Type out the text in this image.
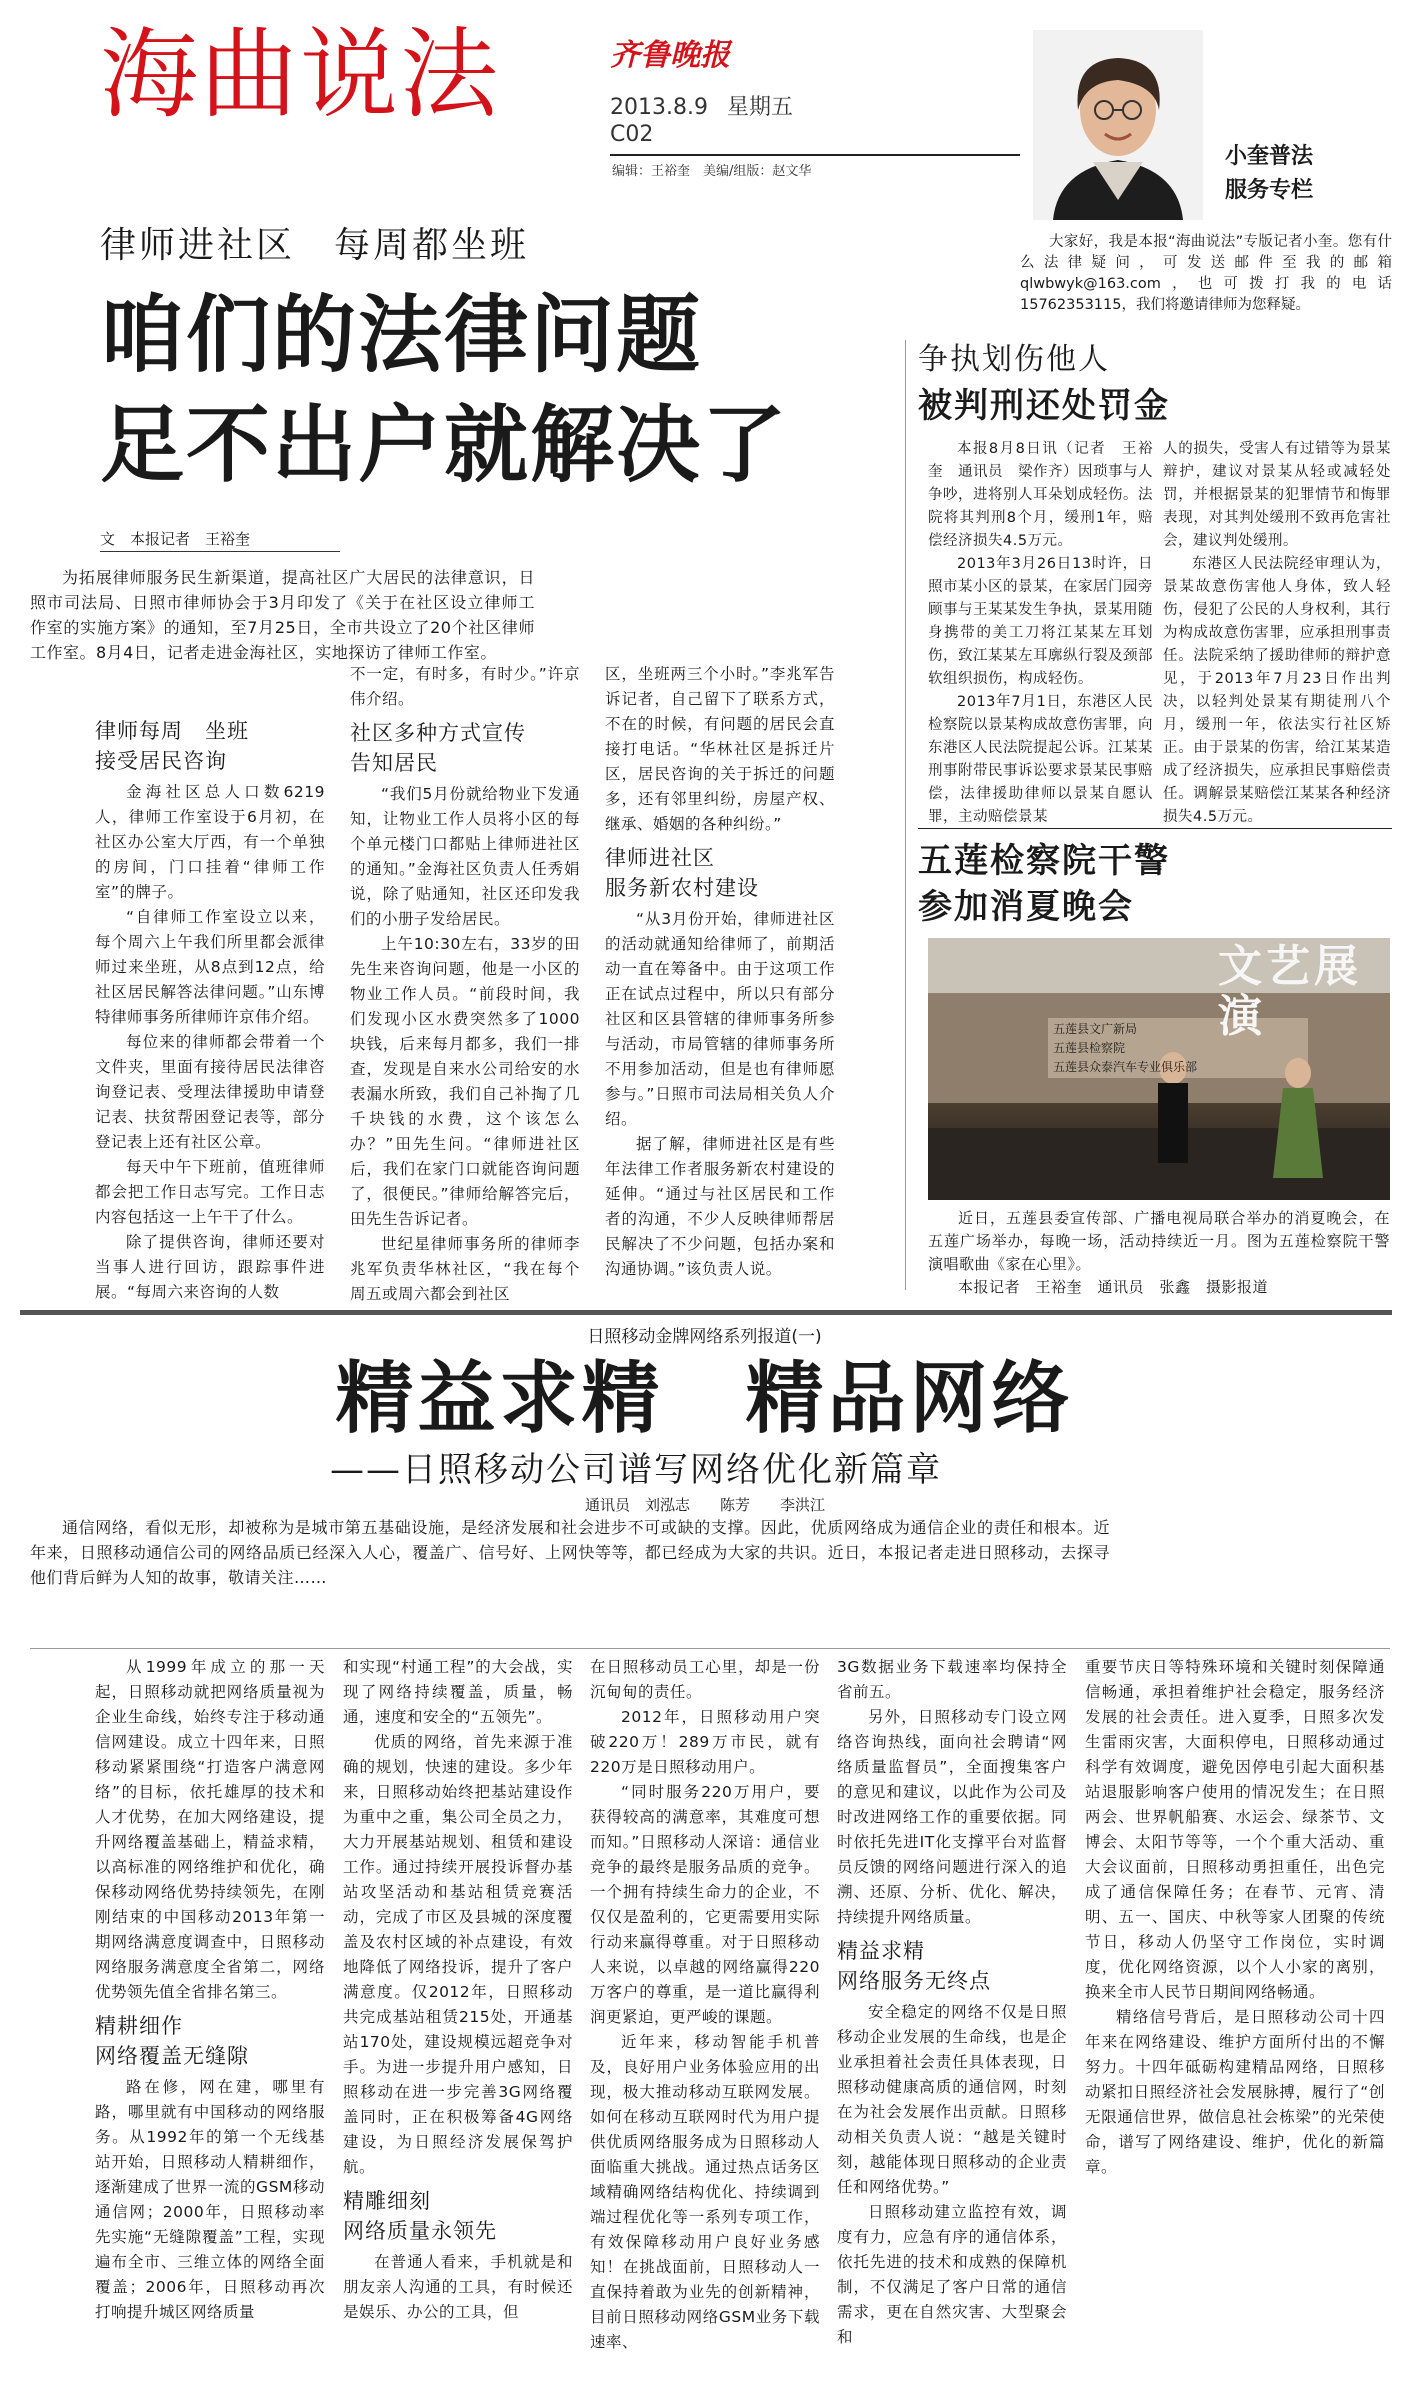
海曲说法	齐鲁晚报
2013.8.9 星期五
C02
编辑：王裕奎　美编/组版：赵文华
小奎普法
服务专栏
大家好，我是本报“海曲说法”专版记者小奎。您有什么法律疑问，可发送邮件至我的邮箱 qlwbwyk@163.com，也可拨打我的电话 15762353115，我们将邀请律师为您释疑。
律师进社区　每周都坐班
咱们的法律问题
足不出户就解决了
文　本报记者　王裕奎

为拓展律师服务民生新渠道，提高社区广大居民的法律意识，日照市司法局、日照市律师协会于3月印发了《关于在社区设立律师工作室的实施方案》的通知，至7月25日，全市共设立了20个社区律师工作室。8月4日，记者走进金海社区，实地探访了律师工作室。

律师每周　坐班
接受居民咨询

金海社区总人口数6219人，律师工作室设于6月初，在社区办公室大厅西，有一个单独的房间，门口挂着“律师工作室”的牌子。

“自律师工作室设立以来，每个周六上午我们所里都会派律师过来坐班，从8点到12点，给社区居民解答法律问题。”山东博特律师事务所律师许京伟介绍。

每位来的律师都会带着一个文件夹，里面有接待居民法律咨询登记表、受理法律援助申请登记表、扶贫帮困登记表等，部分登记表上还有社区公章。

每天中午下班前，值班律师都会把工作日志写完。工作日志内容包括这一上午干了什么。

除了提供咨询，律师还要对当事人进行回访，跟踪事件进展。“每周六来咨询的人数

不一定，有时多，有时少。”许京伟介绍。

社区多种方式宣传
告知居民

“我们5月份就给物业下发通知，让物业工作人员将小区的每个单元楼门口都贴上律师进社区的通知。”金海社区负责人任秀娟说，除了贴通知，社区还印发我们的小册子发给居民。

上午10:30左右，33岁的田先生来咨询问题，他是一小区的物业工作人员。“前段时间，我们发现小区水费突然多了1000块钱，后来每月都多，我们一排查，发现是自来水公司给安的水表漏水所致，我们自己补掏了几千块钱的水费，这个该怎么办？”田先生问。“律师进社区后，我们在家门口就能咨询问题了，很便民。”律师给解答完后，田先生告诉记者。

世纪星律师事务所的律师李兆军负责华林社区，“我在每个周五或周六都会到社区

区，坐班两三个小时。”李兆军告诉记者，自己留下了联系方式，不在的时候，有问题的居民会直接打电话。“华林社区是拆迁片区，居民咨询的关于拆迁的问题多，还有邻里纠纷，房屋产权、继承、婚姻的各种纠纷。”

律师进社区
服务新农村建设

“从3月份开始，律师进社区的活动就通知给律师了，前期活动一直在筹备中。由于这项工作正在试点过程中，所以只有部分社区和区县管辖的律师事务所参与活动，市局管辖的律师事务所不用参加活动，但是也有律师愿参与。”日照市司法局相关负人介绍。

据了解，律师进社区是有些年法律工作者服务新农村建设的延伸。“通过与社区居民和工作者的沟通，不少人反映律师帮居民解决了不少问题，包括办案和沟通协调。”该负责人说。

争执划伤他人
被判刑还处罚金

本报8月8日讯（记者　王裕奎　通讯员　梁作齐）因琐事与人争吵，进将别人耳朵划成轻伤。法院将其判刑8个月，缓刑1年，赔偿经济损失4.5万元。

2013年3月26日13时许，日照市某小区的景某，在家居门园旁顾事与王某某发生争执，景某用随身携带的美工刀将江某某左耳划伤，致江某某左耳廓纵行裂及颈部软组织损伤，构成轻伤。

2013年7月1日，东港区人民检察院以景某构成故意伤害罪，向东港区人民法院提起公诉。江某某刑事附带民事诉讼要求景某民事赔偿，法律援助律师以景某自愿认罪，主动赔偿景某

人的损失，受害人有过错等为景某辩护，建议对景某从轻或减轻处罚，并根据景某的犯罪情节和悔罪表现，对其判处缓刑不致再危害社会，建议判处缓刑。

东港区人民法院经审理认为，景某故意伤害他人身体，致人轻伤，侵犯了公民的人身权利，其行为构成故意伤害罪，应承担刑事责任。法院采纳了援助律师的辩护意见，于2013年7月23日作出判决，以轻判处景某有期徒刑八个月，缓刑一年，依法实行社区矫正。由于景某的伤害，给江某某造成了经济损失，应承担民事赔偿责任。调解景某赔偿江某某各种经济损失4.5万元。

五莲检察院干警
参加消夏晚会
文艺展演
五莲县文广新局
五莲县检察院
五莲县众泰汽车专业俱乐部

近日，五莲县委宣传部、广播电视局联合举办的消夏晚会，在五莲广场举办，每晚一场，活动持续近一月。图为五莲检察院干警演唱歌曲《家在心里》。

本报记者　王裕奎　通讯员　张鑫　摄影报道

日照移动金牌网络系列报道(一)
精益求精　精品网络
——日照移动公司谱写网络优化新篇章
通讯员　刘泓志　　陈芳　　李洪江

通信网络，看似无形，却被称为是城市第五基础设施，是经济发展和社会进步不可或缺的支撑。因此，优质网络成为通信企业的责任和根本。近年来，日照移动通信公司的网络品质已经深入人心，覆盖广、信号好、上网快等等，都已经成为大家的共识。近日，本报记者走进日照移动，去探寻他们背后鲜为人知的故事，敬请关注……

从1999年成立的那一天起，日照移动就把网络质量视为企业生命线，始终专注于移动通信网建设。成立十四年来，日照移动紧紧围绕“打造客户满意网络”的目标，依托雄厚的技术和人才优势，在加大网络建设，提升网络覆盖基础上，精益求精，以高标准的网络维护和优化，确保移动网络优势持续领先，在刚刚结束的中国移动2013年第一期网络满意度调查中，日照移动网络服务满意度全省第二，网络优势领先值全省排名第三。

精耕细作
网络覆盖无缝隙

路在修，网在建，哪里有路，哪里就有中国移动的网络服务。从1992年的第一个无线基站开始，日照移动人精耕细作，逐渐建成了世界一流的GSM移动通信网；2000年，日照移动率先实施“无缝隙覆盖”工程，实现遍布全市、三维立体的网络全面覆盖；2006年，日照移动再次打响提升城区网络质量

和实现“村通工程”的大会战，实现了网络持续覆盖，质量，畅通，速度和安全的“五领先”。

优质的网络，首先来源于准确的规划，快速的建设。多少年来，日照移动始终把基站建设作为重中之重，集公司全员之力，大力开展基站规划、租赁和建设工作。通过持续开展投诉督办基站攻坚活动和基站租赁竞赛活动，完成了市区及县城的深度覆盖及农村区域的补点建设，有效地降低了网络投诉，提升了客户满意度。仅2012年，日照移动共完成基站租赁215处，开通基站170处，建设规模远超竞争对手。为进一步提升用户感知，日照移动在进一步完善3G网络覆盖同时，正在积极筹备4G网络建设，为日照经济发展保驾护航。

精雕细刻
网络质量永领先

在普通人看来，手机就是和朋友亲人沟通的工具，有时候还是娱乐、办公的工具，但

在日照移动员工心里，却是一份沉甸甸的责任。

2012年，日照移动用户突破220万！289万市民，就有220万是日照移动用户。

“同时服务220万用户，要获得较高的满意率，其难度可想而知。”日照移动人深谙：通信业竞争的最终是服务品质的竞争。一个拥有持续生命力的企业，不仅仅是盈利的，它更需要用实际行动来赢得尊重。对于日照移动人来说，以卓越的网络赢得220万客户的尊重，是一道比赢得利润更紧迫，更严峻的课题。

近年来，移动智能手机普及，良好用户业务体验应用的出现，极大推动移动互联网发展。如何在移动互联网时代为用户提供优质网络服务成为日照移动人面临重大挑战。通过热点话务区域精确网络结构优化、持续调到端过程优化等一系列专项工作，有效保障移动用户良好业务感知！在挑战面前，日照移动人一直保持着敢为业先的创新精神，目前日照移动网络GSM业务下载速率、

3G数据业务下载速率均保持全省前五。

另外，日照移动专门设立网络咨询热线，面向社会聘请“网络质量监督员”，全面搜集客户的意见和建议，以此作为公司及时改进网络工作的重要依据。同时依托先进IT化支撑平台对监督员反馈的网络问题进行深入的追溯、还原、分析、优化、解决，持续提升网络质量。

精益求精
网络服务无终点

安全稳定的网络不仅是日照移动企业发展的生命线，也是企业承担着社会责任具体表现，日照移动健康高质的通信网，时刻在为社会发展作出贡献。日照移动相关负责人说：“越是关键时刻，越能体现日照移动的企业责任和网络优势。”

日照移动建立监控有效，调度有力，应急有序的通信体系，依托先进的技术和成熟的保障机制，不仅满足了客户日常的通信需求，更在自然灾害、大型聚会和

重要节庆日等特殊环境和关键时刻保障通信畅通，承担着维护社会稳定，服务经济发展的社会责任。进入夏季，日照多次发生雷雨灾害，大面积停电，日照移动通过科学有效调度，避免因停电引起大面积基站退服影响客户使用的情况发生；在日照两会、世界帆船赛、水运会、绿茶节、文博会、太阳节等等，一个个重大活动、重大会议面前，日照移动勇担重任，出色完成了通信保障任务；在春节、元宵、清明、五一、国庆、中秋等家人团聚的传统节日，移动人仍坚守工作岗位，实时调度，优化网络资源，以个人小家的离别，换来全市人民节日期间网络畅通。

精络信号背后，是日照移动公司十四年来在网络建设、维护方面所付出的不懈努力。十四年砥砺构建精品网络，日照移动紧扣日照经济社会发展脉搏，履行了“创无限通信世界，做信息社会栋梁”的光荣使命，谱写了网络建设、维护，优化的新篇章。
